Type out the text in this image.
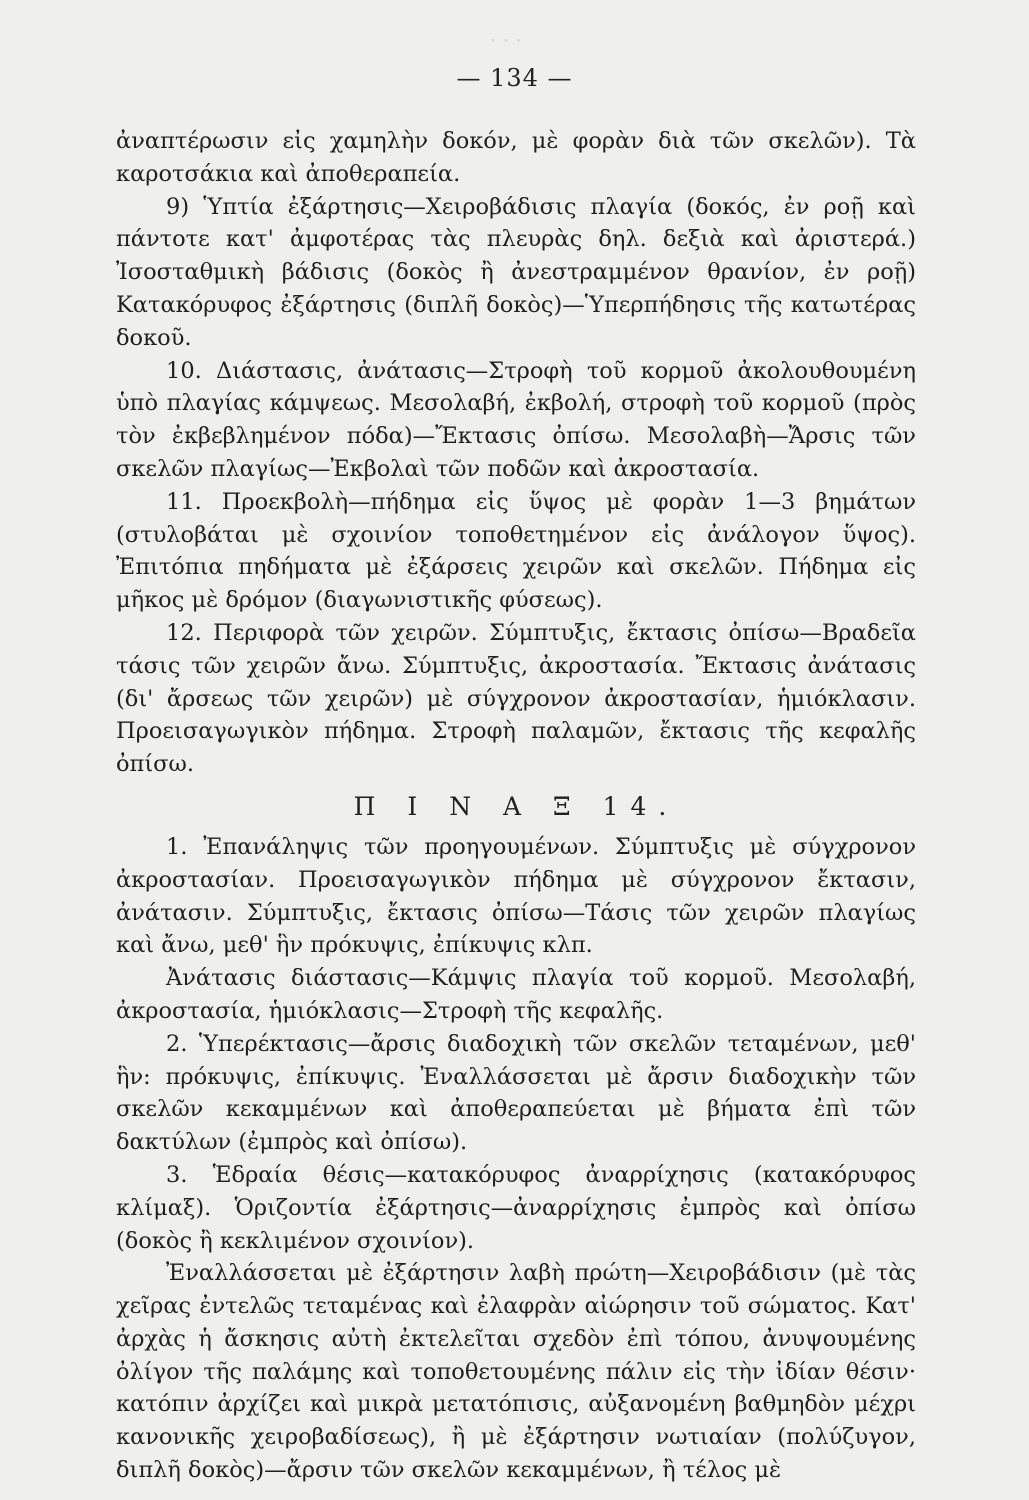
· · ·
— 134 —

ἀναπτέρωσιν εἰς χαμηλὴν δοκόν, μὲ φορὰν διὰ τῶν σκελῶν). Τὰ καροτσάκια καὶ ἀποθεραπεία.

9) Ὑπτία ἐξάρτησις—Χειροβάδισις πλαγία (δοκός, ἐν ροῇ καὶ πάντοτε κατ' ἀμφοτέρας τὰς πλευρὰς δηλ. δεξιὰ καὶ ἀριστερά.) Ἰσοσταθμικὴ βάδισις (δοκὸς ἢ ἀνεστραμμένον θρανίον, ἐν ροῇ) Κατακόρυφος ἐξάρτησις (διπλῆ δοκὸς)—Ὑπερπήδησις τῆς κατωτέρας δοκοῦ.

10. Διάστασις, ἀνάτασις—Στροφὴ τοῦ κορμοῦ ἀκολουθουμένη ὑπὸ πλαγίας κάμψεως. Μεσολαβή, ἐκβολή, στροφὴ τοῦ κορμοῦ (πρὸς τὸν ἐκβεβλημένον πόδα)—Ἔκτασις ὀπίσω. Μεσολαβὴ—Ἄρσις τῶν σκελῶν πλαγίως—Ἐκβολαὶ τῶν ποδῶν καὶ ἀκροστασία.

11. Προεκβολὴ—πήδημα εἰς ὕψος μὲ φορὰν 1—3 βημάτων (στυλοβάται μὲ σχοινίον τοποθετημένον εἰς ἀνάλογον ὕψος). Ἐπιτόπια πηδήματα μὲ ἐξάρσεις χειρῶν καὶ σκελῶν. Πήδημα εἰς μῆκος μὲ δρόμον (διαγωνιστικῆς φύσεως).

12. Περιφορὰ τῶν χειρῶν. Σύμπτυξις, ἔκτασις ὀπίσω—Βραδεῖα τάσις τῶν χειρῶν ἄνω. Σύμπτυξις, ἀκροστασία. Ἔκτασις ἀνάτασις (δι' ἄρσεως τῶν χειρῶν) μὲ σύγχρονον ἀκροστασίαν, ἡμιόκλασιν. Προεισαγωγικὸν πήδημα. Στροφὴ παλαμῶν, ἔκτασις τῆς κεφαλῆς ὀπίσω.

Π Ι Ν Α Ξ 14.

1. Ἐπανάληψις τῶν προηγουμένων. Σύμπτυξις μὲ σύγχρονον ἀκροστασίαν. Προεισαγωγικὸν πήδημα μὲ σύγχρονον ἔκτασιν, ἀνάτασιν. Σύμπτυξις, ἔκτασις ὀπίσω—Τάσις τῶν χειρῶν πλαγίως καὶ ἄνω, μεθ' ἣν πρόκυψις, ἐπίκυψις κλπ.

Ἀνάτασις διάστασις—Κάμψις πλαγία τοῦ κορμοῦ. Μεσολαβή, ἀκροστασία, ἡμιόκλασις—Στροφὴ τῆς κεφαλῆς.

2. Ὑπερέκτασις—ἄρσις διαδοχικὴ τῶν σκελῶν τεταμένων, μεθ' ἣν: πρόκυψις, ἐπίκυψις. Ἐναλλάσσεται μὲ ἄρσιν διαδοχικὴν τῶν σκελῶν κεκαμμένων καὶ ἀποθεραπεύεται μὲ βήματα ἐπὶ τῶν δακτύλων (ἐμπρὸς καὶ ὀπίσω).

3. Ἑδραία θέσις—κατακόρυφος ἀναρρίχησις (κατακόρυφος κλίμαξ). Ὁριζοντία ἐξάρτησις—ἀναρρίχησις ἐμπρὸς καὶ ὀπίσω (δοκὸς ἢ κεκλιμένον σχοινίον).

Ἐναλλάσσεται μὲ ἐξάρτησιν λαβὴ πρώτη—Χειροβάδισιν (μὲ τὰς χεῖρας ἐντελῶς τεταμένας καὶ ἐλαφρὰν αἰώρησιν τοῦ σώματος. Κατ' ἀρχὰς ἡ ἄσκησις αὐτὴ ἐκτελεῖται σχεδὸν ἐπὶ τόπου, ἀνυψουμένης ὀλίγον τῆς παλάμης καὶ τοποθετουμένης πάλιν εἰς τὴν ἰδίαν θέσιν· κατόπιν ἀρχίζει καὶ μικρὰ μετατόπισις, αὐξανομένη βαθμηδὸν μέχρι κανονικῆς χειροβαδίσεως), ἢ μὲ ἐξάρτησιν νωτιαίαν (πολύζυγον, διπλῆ δοκὸς)—ἄρσιν τῶν σκελῶν κεκαμμένων, ἢ τέλος μὲ
